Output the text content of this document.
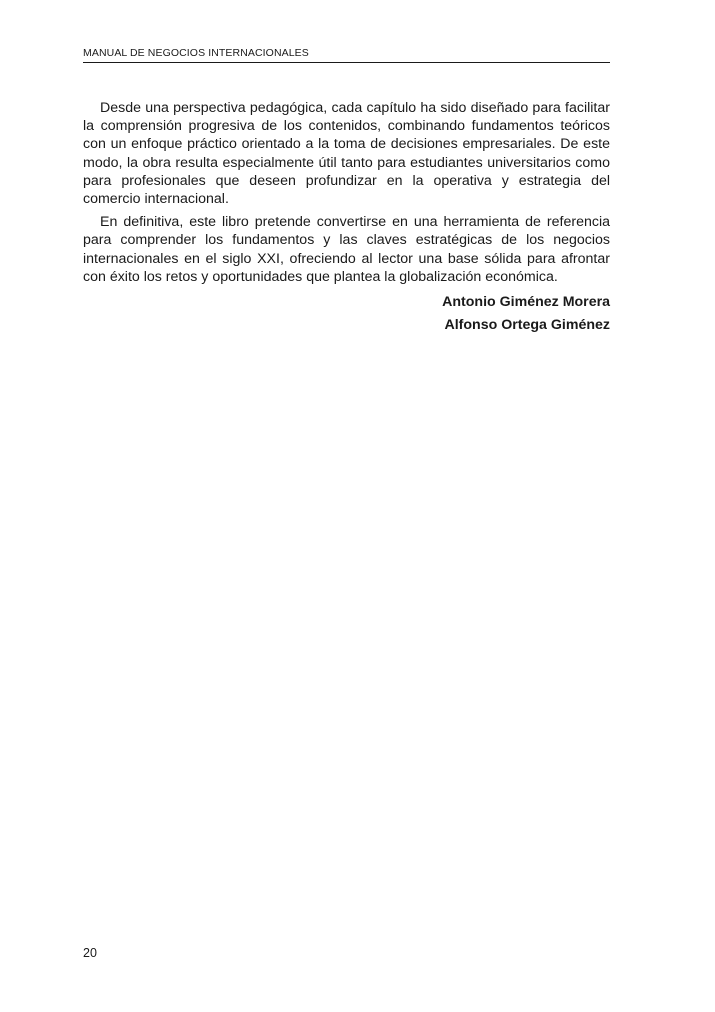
MANUAL DE NEGOCIOS INTERNACIONALES

Desde una perspectiva pedagógica, cada capítulo ha sido diseñado para facilitar la comprensión progresiva de los contenidos, combinando fundamentos teóricos con un enfoque práctico orientado a la toma de decisiones empresariales. De este modo, la obra resulta especialmente útil tanto para estudiantes universitarios como para profesionales que deseen profundizar en la operativa y estrategia del comercio internacional.

En definitiva, este libro pretende convertirse en una herramienta de referencia para comprender los fundamentos y las claves estratégicas de los negocios internacionales en el siglo XXI, ofreciendo al lector una base sólida para afrontar con éxito los retos y oportunidades que plantea la globalización económica.

Antonio Giménez Morera
Alfonso Ortega Giménez
20
